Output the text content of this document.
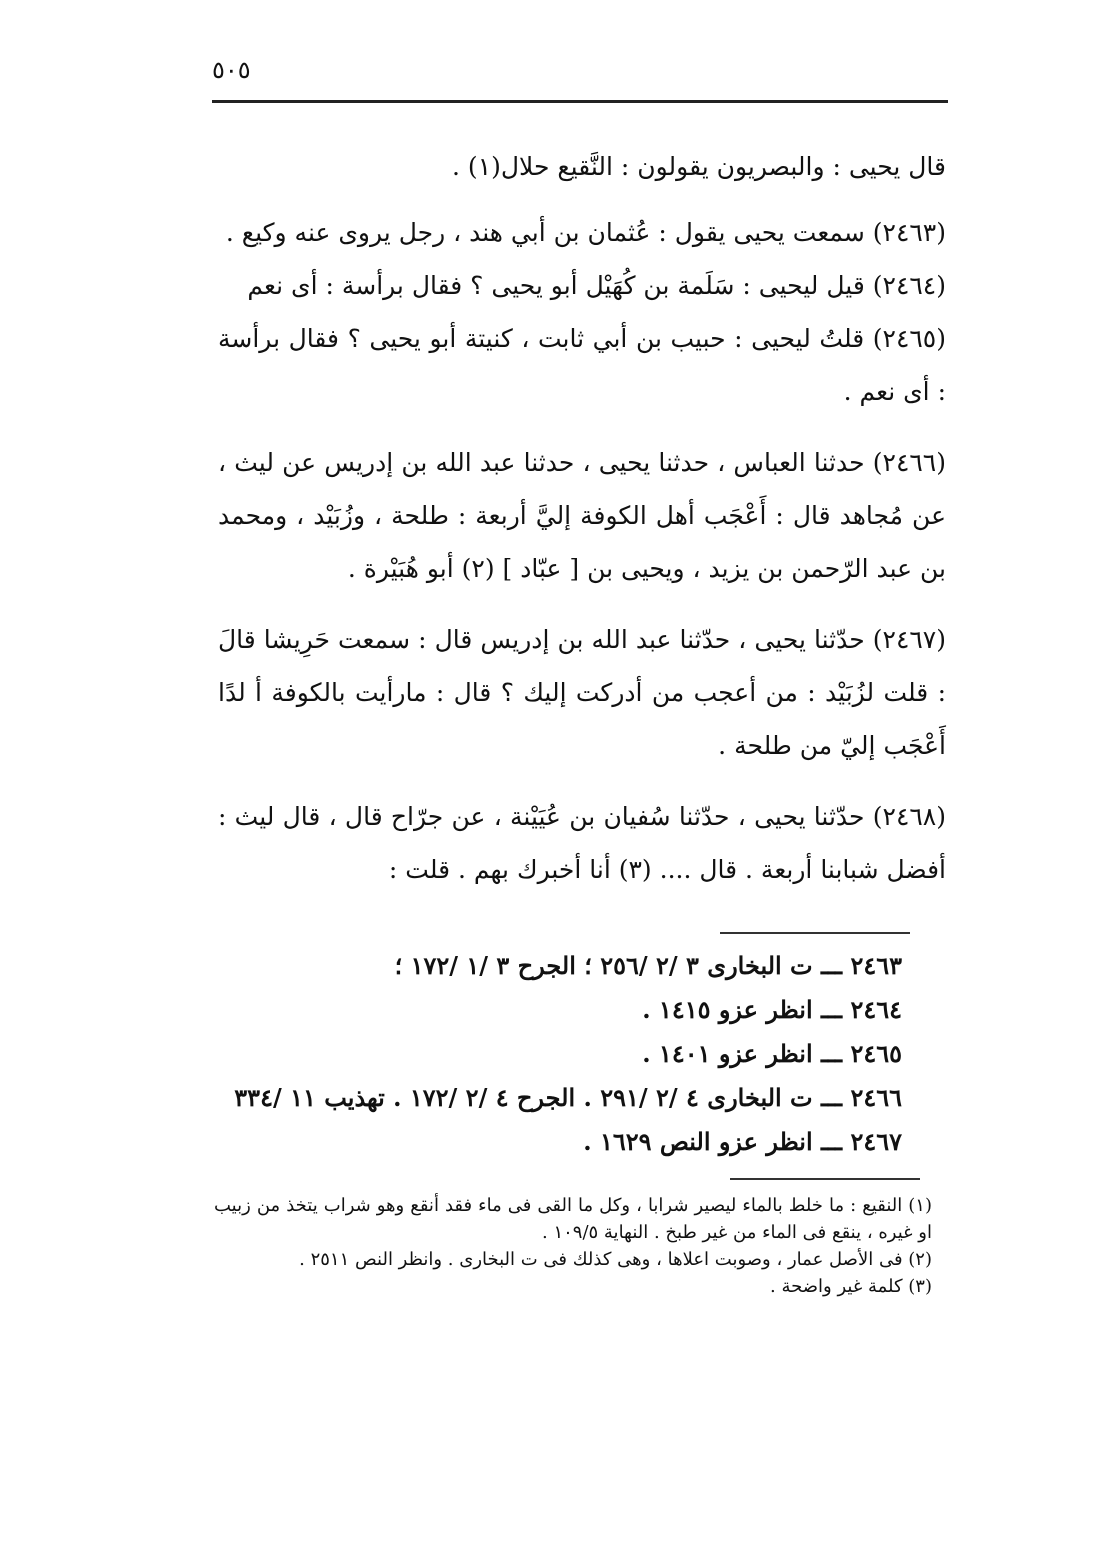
٥٠٥

قال يحيى : والبصريون يقولون : النَّقيع حلال(١) .

(٢٤٦٣) سمعت يحيى يقول : عُثمان بن أبي هند ، رجل يروى عنه وكيع .

(٢٤٦٤) قيل ليحيى : سَلَمة بن كُهَيْل أبو يحيى ؟ فقال برأسة : أى نعم

(٢٤٦٥) قلتُ ليحيى : حبيب بن أبي ثابت ، كنيتة أبو يحيى ؟ فقال برأسة : أى نعم .

(٢٤٦٦) حدثنا العباس ، حدثنا يحيى ، حدثنا عبد الله بن إدريس عن ليث ، عن مُجاهد قال : أَعْجَب أهل الكوفة إليَّ أربعة : طلحة ، وزُبَيْد ، ومحمد بن عبد الرّحمن بن يزيد ، ويحيى بن [ عبّاد ] (٢) أبو هُبَيْرة .

(٢٤٦٧) حدّثنا يحيى ، حدّثنا عبد الله بن إدريس قال : سمعت حَرِيشا قالَ : قلت لزُبَيْد : من أعجب من أدركت إليك ؟ قال : مارأيت بالكوفة أ لدًا أَعْجَب إليّ من طلحة .

(٢٤٦٨) حدّثنا يحيى ، حدّثنا سُفيان بن عُيَيْنة ، عن جرّاح قال ، قال ليث : أفضل شبابنا أربعة . قال .... (٣) أنا أخبرك بهم . قلت :

٢٤٦٣ ـــ ت البخارى ٣ /٢ /٢٥٦ ؛ الجرح ٣ /١ /١٧٢ ؛
٢٤٦٤ ـــ انظر عزو ١٤١٥ .
٢٤٦٥ ـــ انظر عزو ١٤٠١ .
٢٤٦٦ ـــ ت البخارى ٤ /٢ /٢٩١ . الجرح ٤ /٢ /١٧٢ . تهذيب ١١ /٣٣٤
٢٤٦٧ ـــ انظر عزو النص ١٦٢٩ .

(١) النقيع : ما خلط بالماء ليصير شرابا ، وكل ما القى فى ماء فقد أنقع وهو شراب يتخذ من زبيب او غيره ، ينقع فى الماء من غير طبخ . النهاية ١٠٩/٥ .

(٢) فى الأصل عمار ، وصوبت اعلاها ، وهى كذلك فى ت البخارى . وانظر النص ٢٥١١ .

(٣) كلمة غير واضحة .
